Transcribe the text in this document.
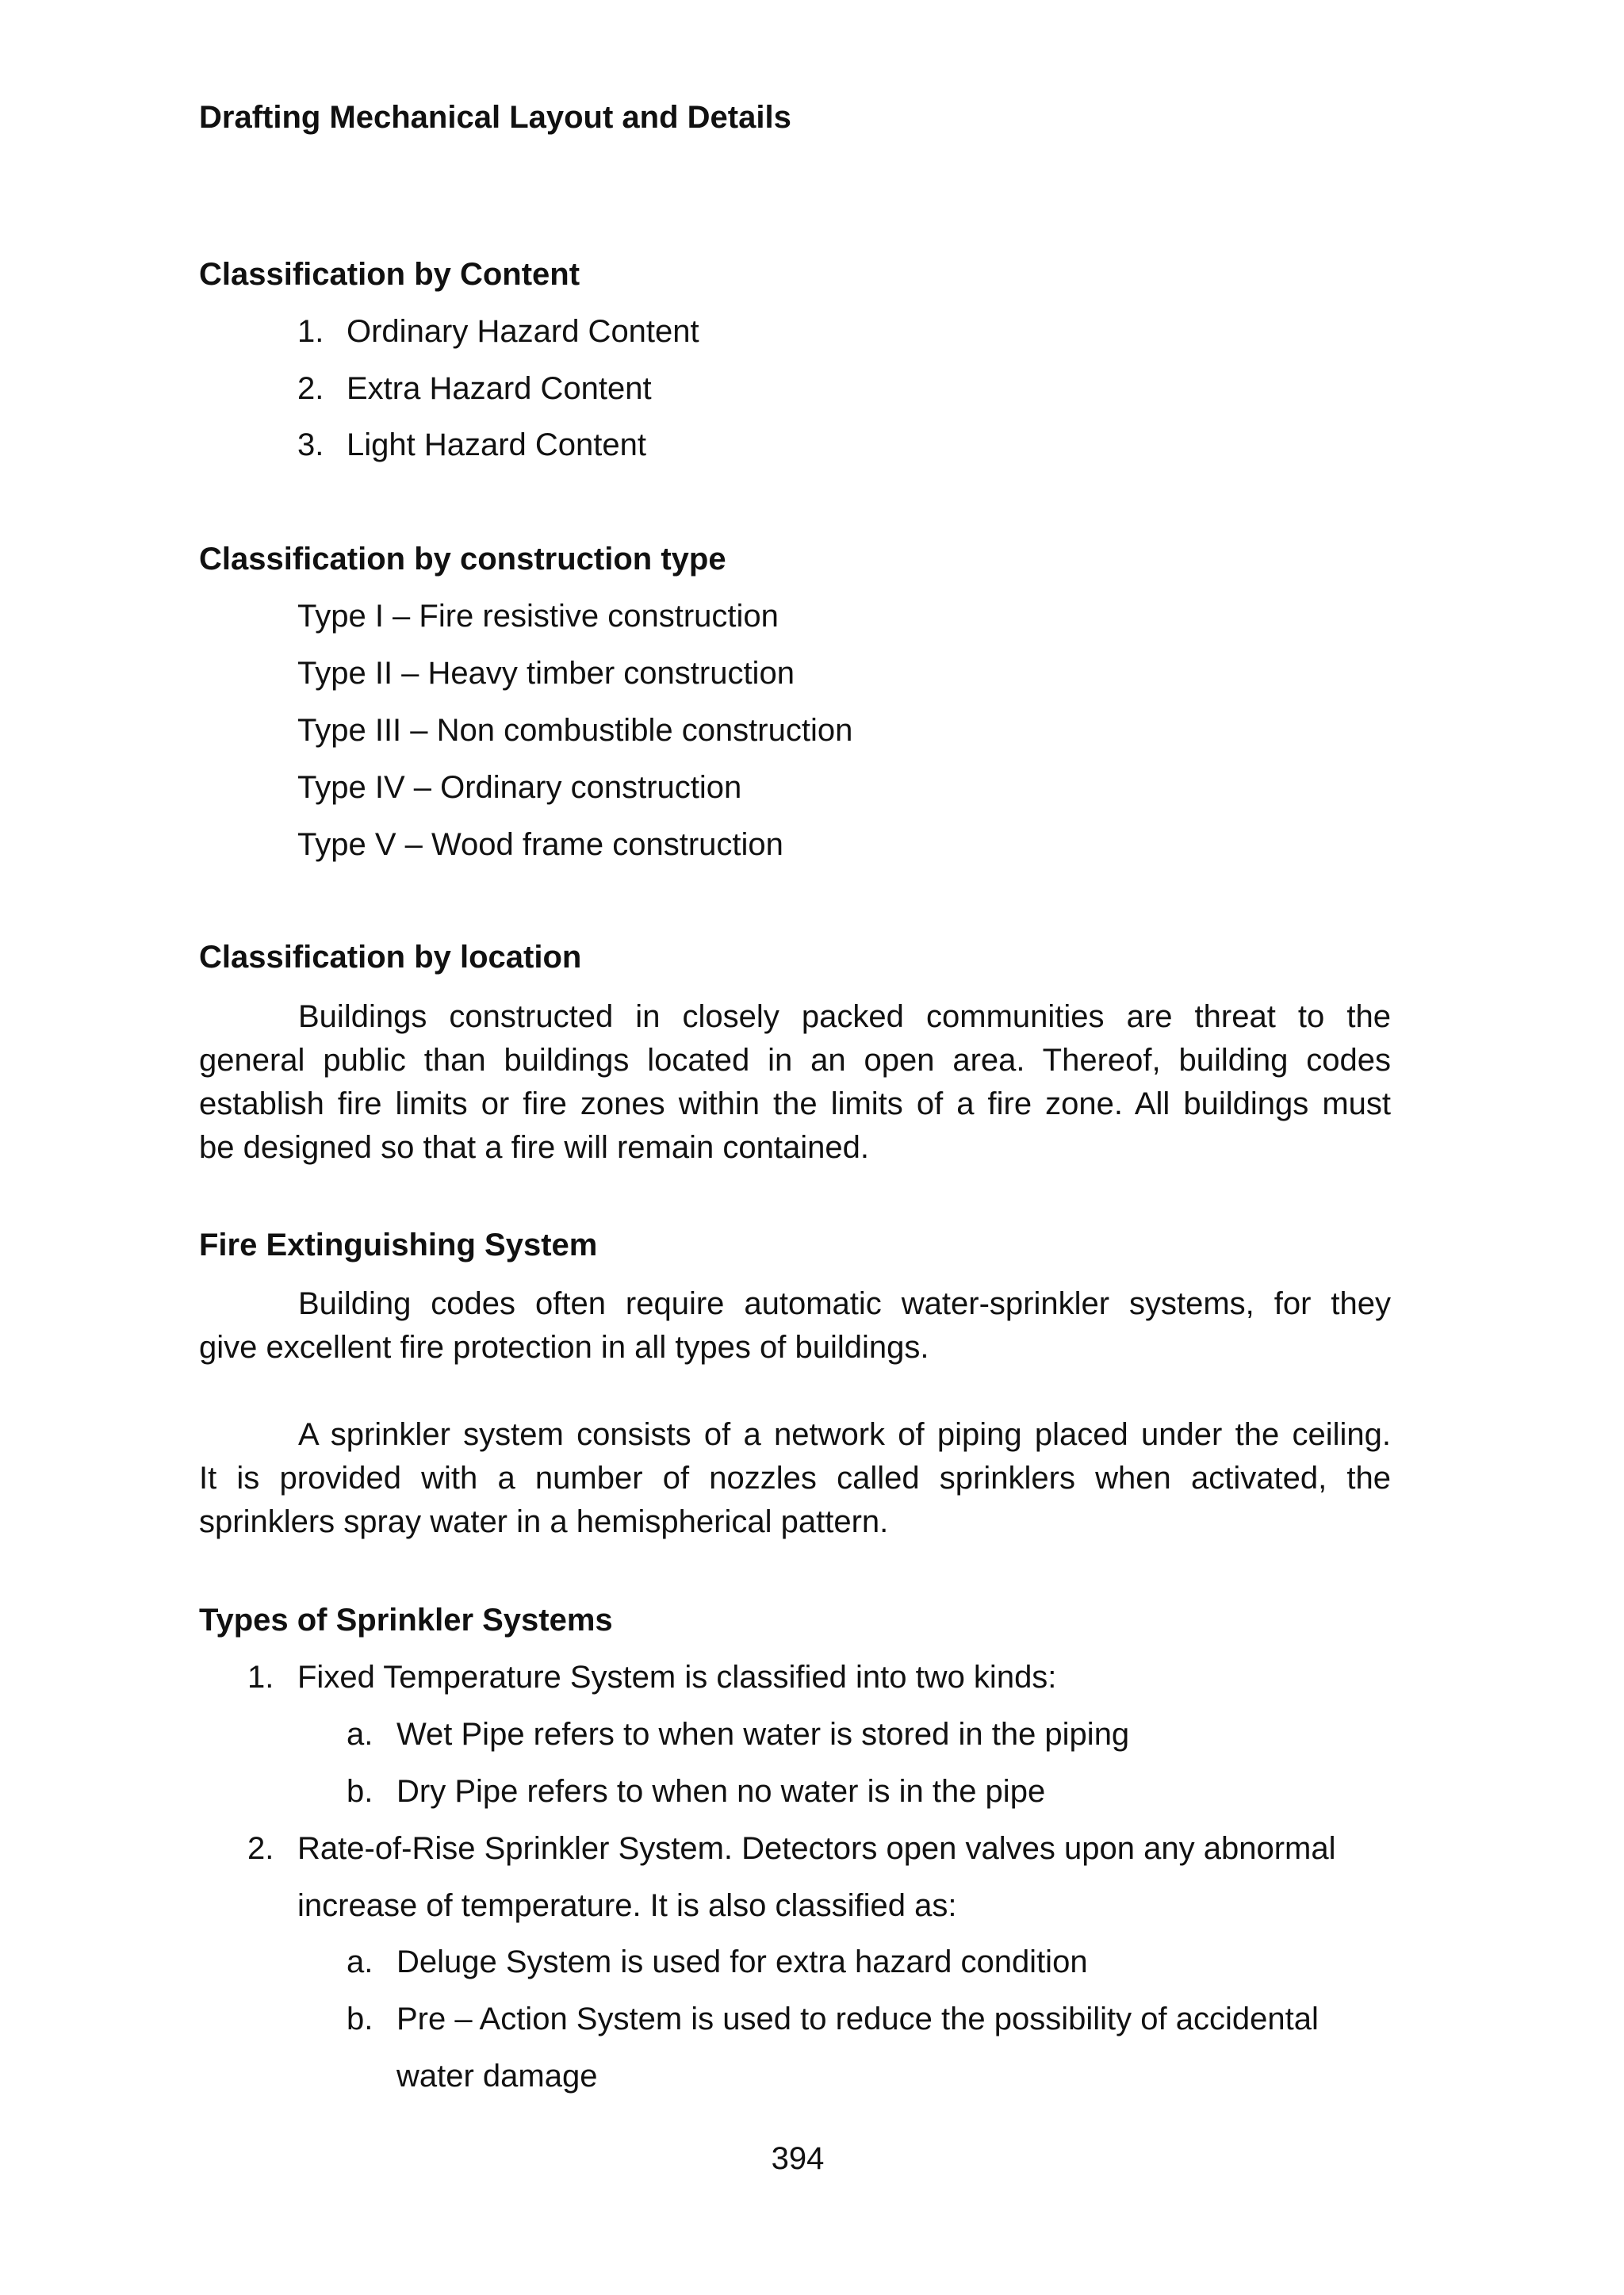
Drafting Mechanical Layout and Details
Classification by Content
1. Ordinary Hazard Content
2. Extra Hazard Content
3. Light Hazard Content
Classification by construction type
Type I – Fire resistive construction
Type II – Heavy timber construction
Type III – Non combustible construction
Type IV – Ordinary construction
Type V – Wood frame construction
Classification by location
Buildings constructed in closely packed communities are threat to the
general public than buildings located in an open area. Thereof, building codes
establish fire limits or fire zones within the limits of a fire zone. All buildings must
be designed so that a fire will remain contained.
Fire Extinguishing System
Building codes often require automatic water-sprinkler systems, for they
give excellent fire protection in all types of buildings.
A sprinkler system consists of a network of piping placed under the ceiling.
It is provided with a number of nozzles called sprinklers when activated, the
sprinklers spray water in a hemispherical pattern.
Types of Sprinkler Systems
1. Fixed Temperature System is classified into two kinds:
a. Wet Pipe refers to when water is stored in the piping
b. Dry Pipe refers to when no water is in the pipe
2. Rate-of-Rise Sprinkler System. Detectors open valves upon any abnormal
increase of temperature. It is also classified as:
a. Deluge System is used for extra hazard condition
b. Pre – Action System is used to reduce the possibility of accidental
water damage
394
